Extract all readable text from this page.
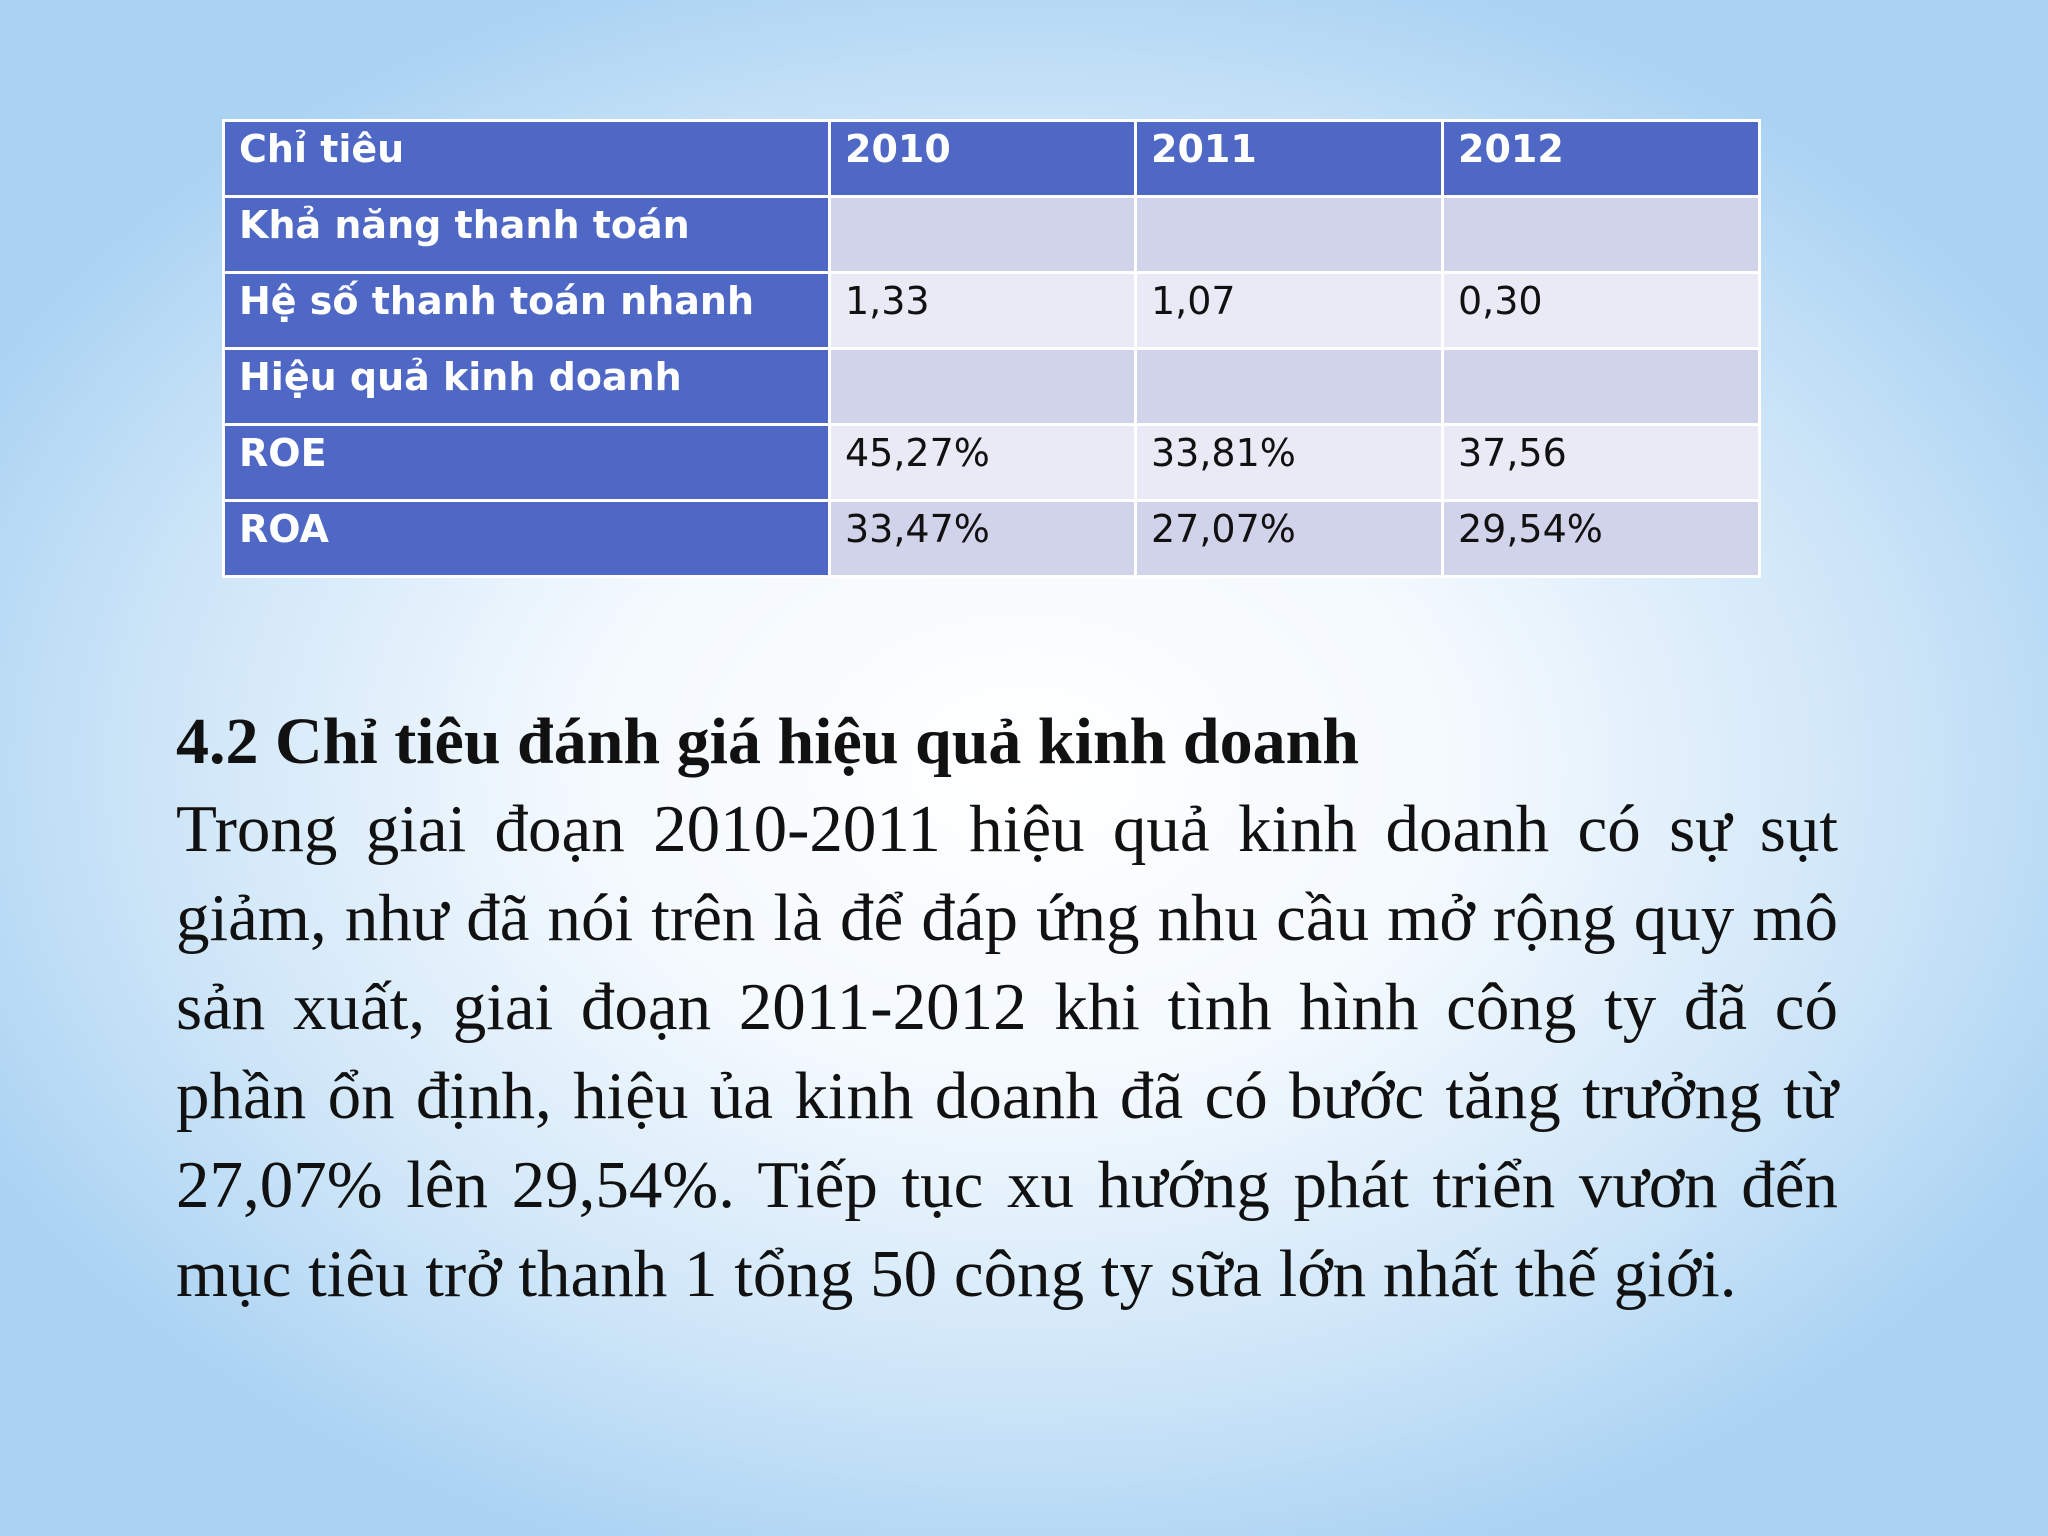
Chỉ tiêu	2010	2011	2012
Khả năng thanh toán			
Hệ số thanh toán nhanh	1,33	1,07	0,30
Hiệu quả kinh doanh			
ROE	45,27%	33,81%	37,56
ROA	33,47%	27,07%	29,54%
4.2 Chỉ tiêu đánh giá hiệu quả kinh doanh

Trong giai đoạn 2010-2011 hiệu quả kinh doanh có sự sụt giảm, như đã nói trên là để đáp ứng nhu cầu mở rộng quy mô sản xuất, giai đoạn 2011-2012 khi tình hình công ty đã có phần ổn định, hiệu ủa kinh doanh đã có bước tăng trưởng từ 27,07% lên 29,54%. Tiếp tục xu hướng phát triển vươn đến mục tiêu trở thanh 1 tổng 50 công ty sữa lớn nhất thế giới.
